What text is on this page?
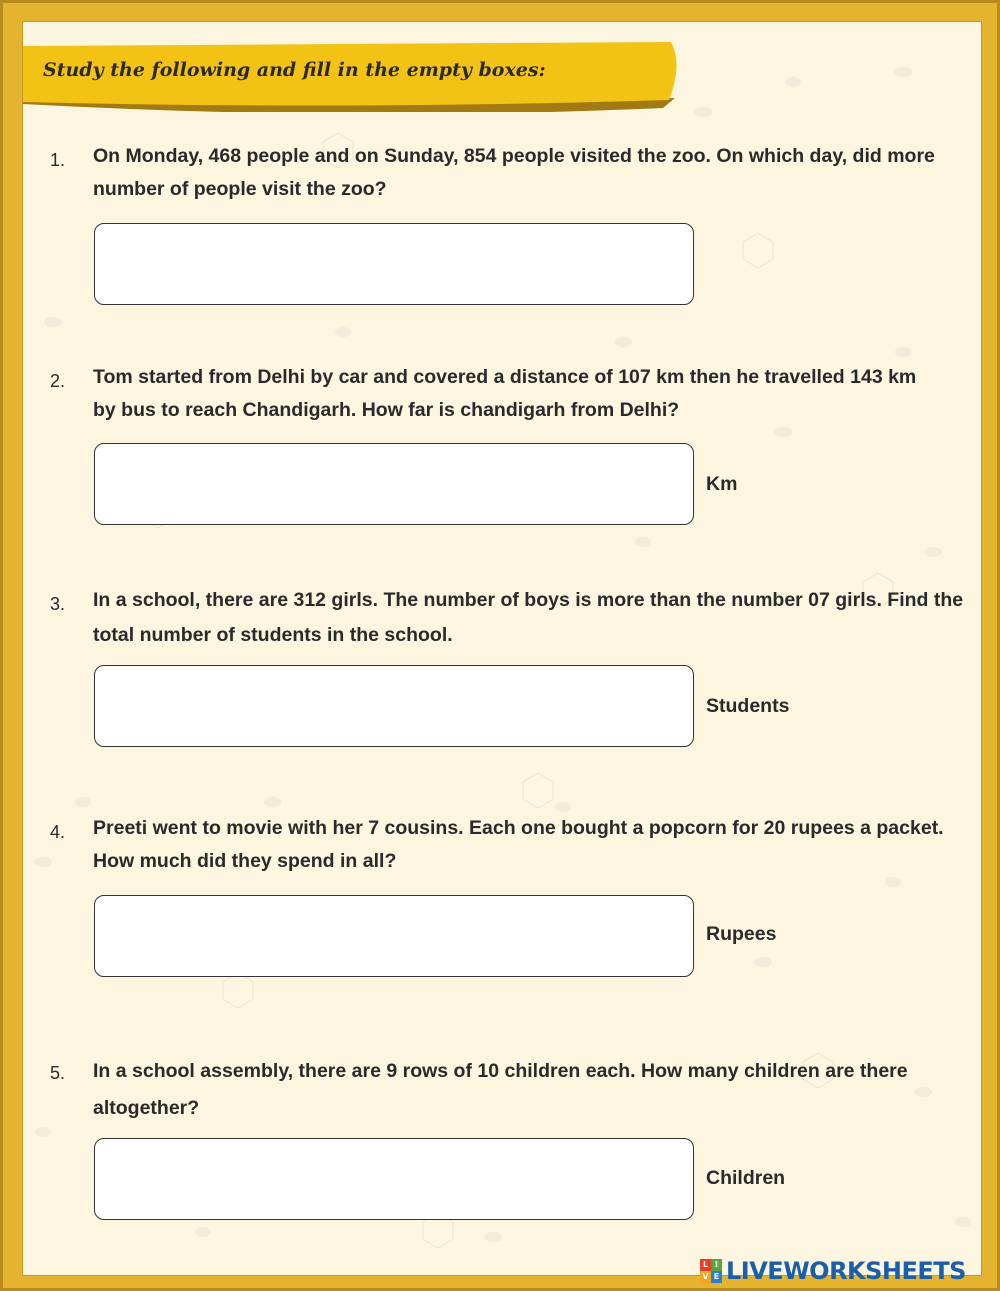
Study the following and fill in the empty boxes:
1. On Monday, 468 people and on Sunday, 854 people visited the zoo. On which day, did more number of people visit the zoo?
2. Tom started from Delhi by car and covered a distance of 107 km then he travelled 143 km
by bus to reach Chandigarh. How far is chandigarh from Delhi?
Km
3. In a school, there are 312 girls. The number of boys is more than the number 07 girls. Find the total number of students in the school.
Students
4. Preeti went to movie with her 7 cousins. Each one bought a popcorn for 20 rupees a packet. How much did they spend in all?
Rupees
5. In a school assembly, there are 9 rows of 10 children each. How many children are there altogether?
Children
L I
V E LIVEWORKSHEETS
